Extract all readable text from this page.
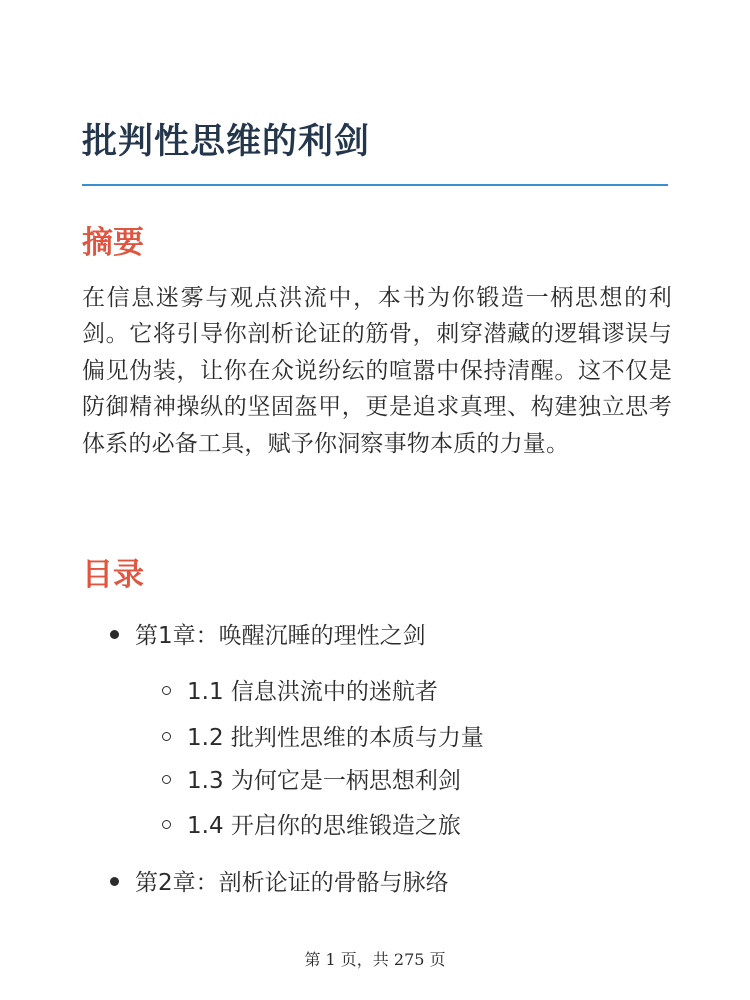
批判性思维的利剑
摘要

在信息迷雾与观点洪流中，本书为你锻造一柄思想的利剑。它将引导你剖析论证的筋骨，刺穿潜藏的逻辑谬误与偏见伪装，让你在众说纷纭的喧嚣中保持清醒。这不仅是防御精神操纵的坚固盔甲，更是追求真理、构建独立思考体系的必备工具，赋予你洞察事物本质的力量。

目录
第1章：唤醒沉睡的理性之剑
1.1 信息洪流中的迷航者
1.2 批判性思维的本质与力量
1.3 为何它是一柄思想利剑
1.4 开启你的思维锻造之旅
第2章：剖析论证的骨骼与脉络
第 1 页，共 275 页
